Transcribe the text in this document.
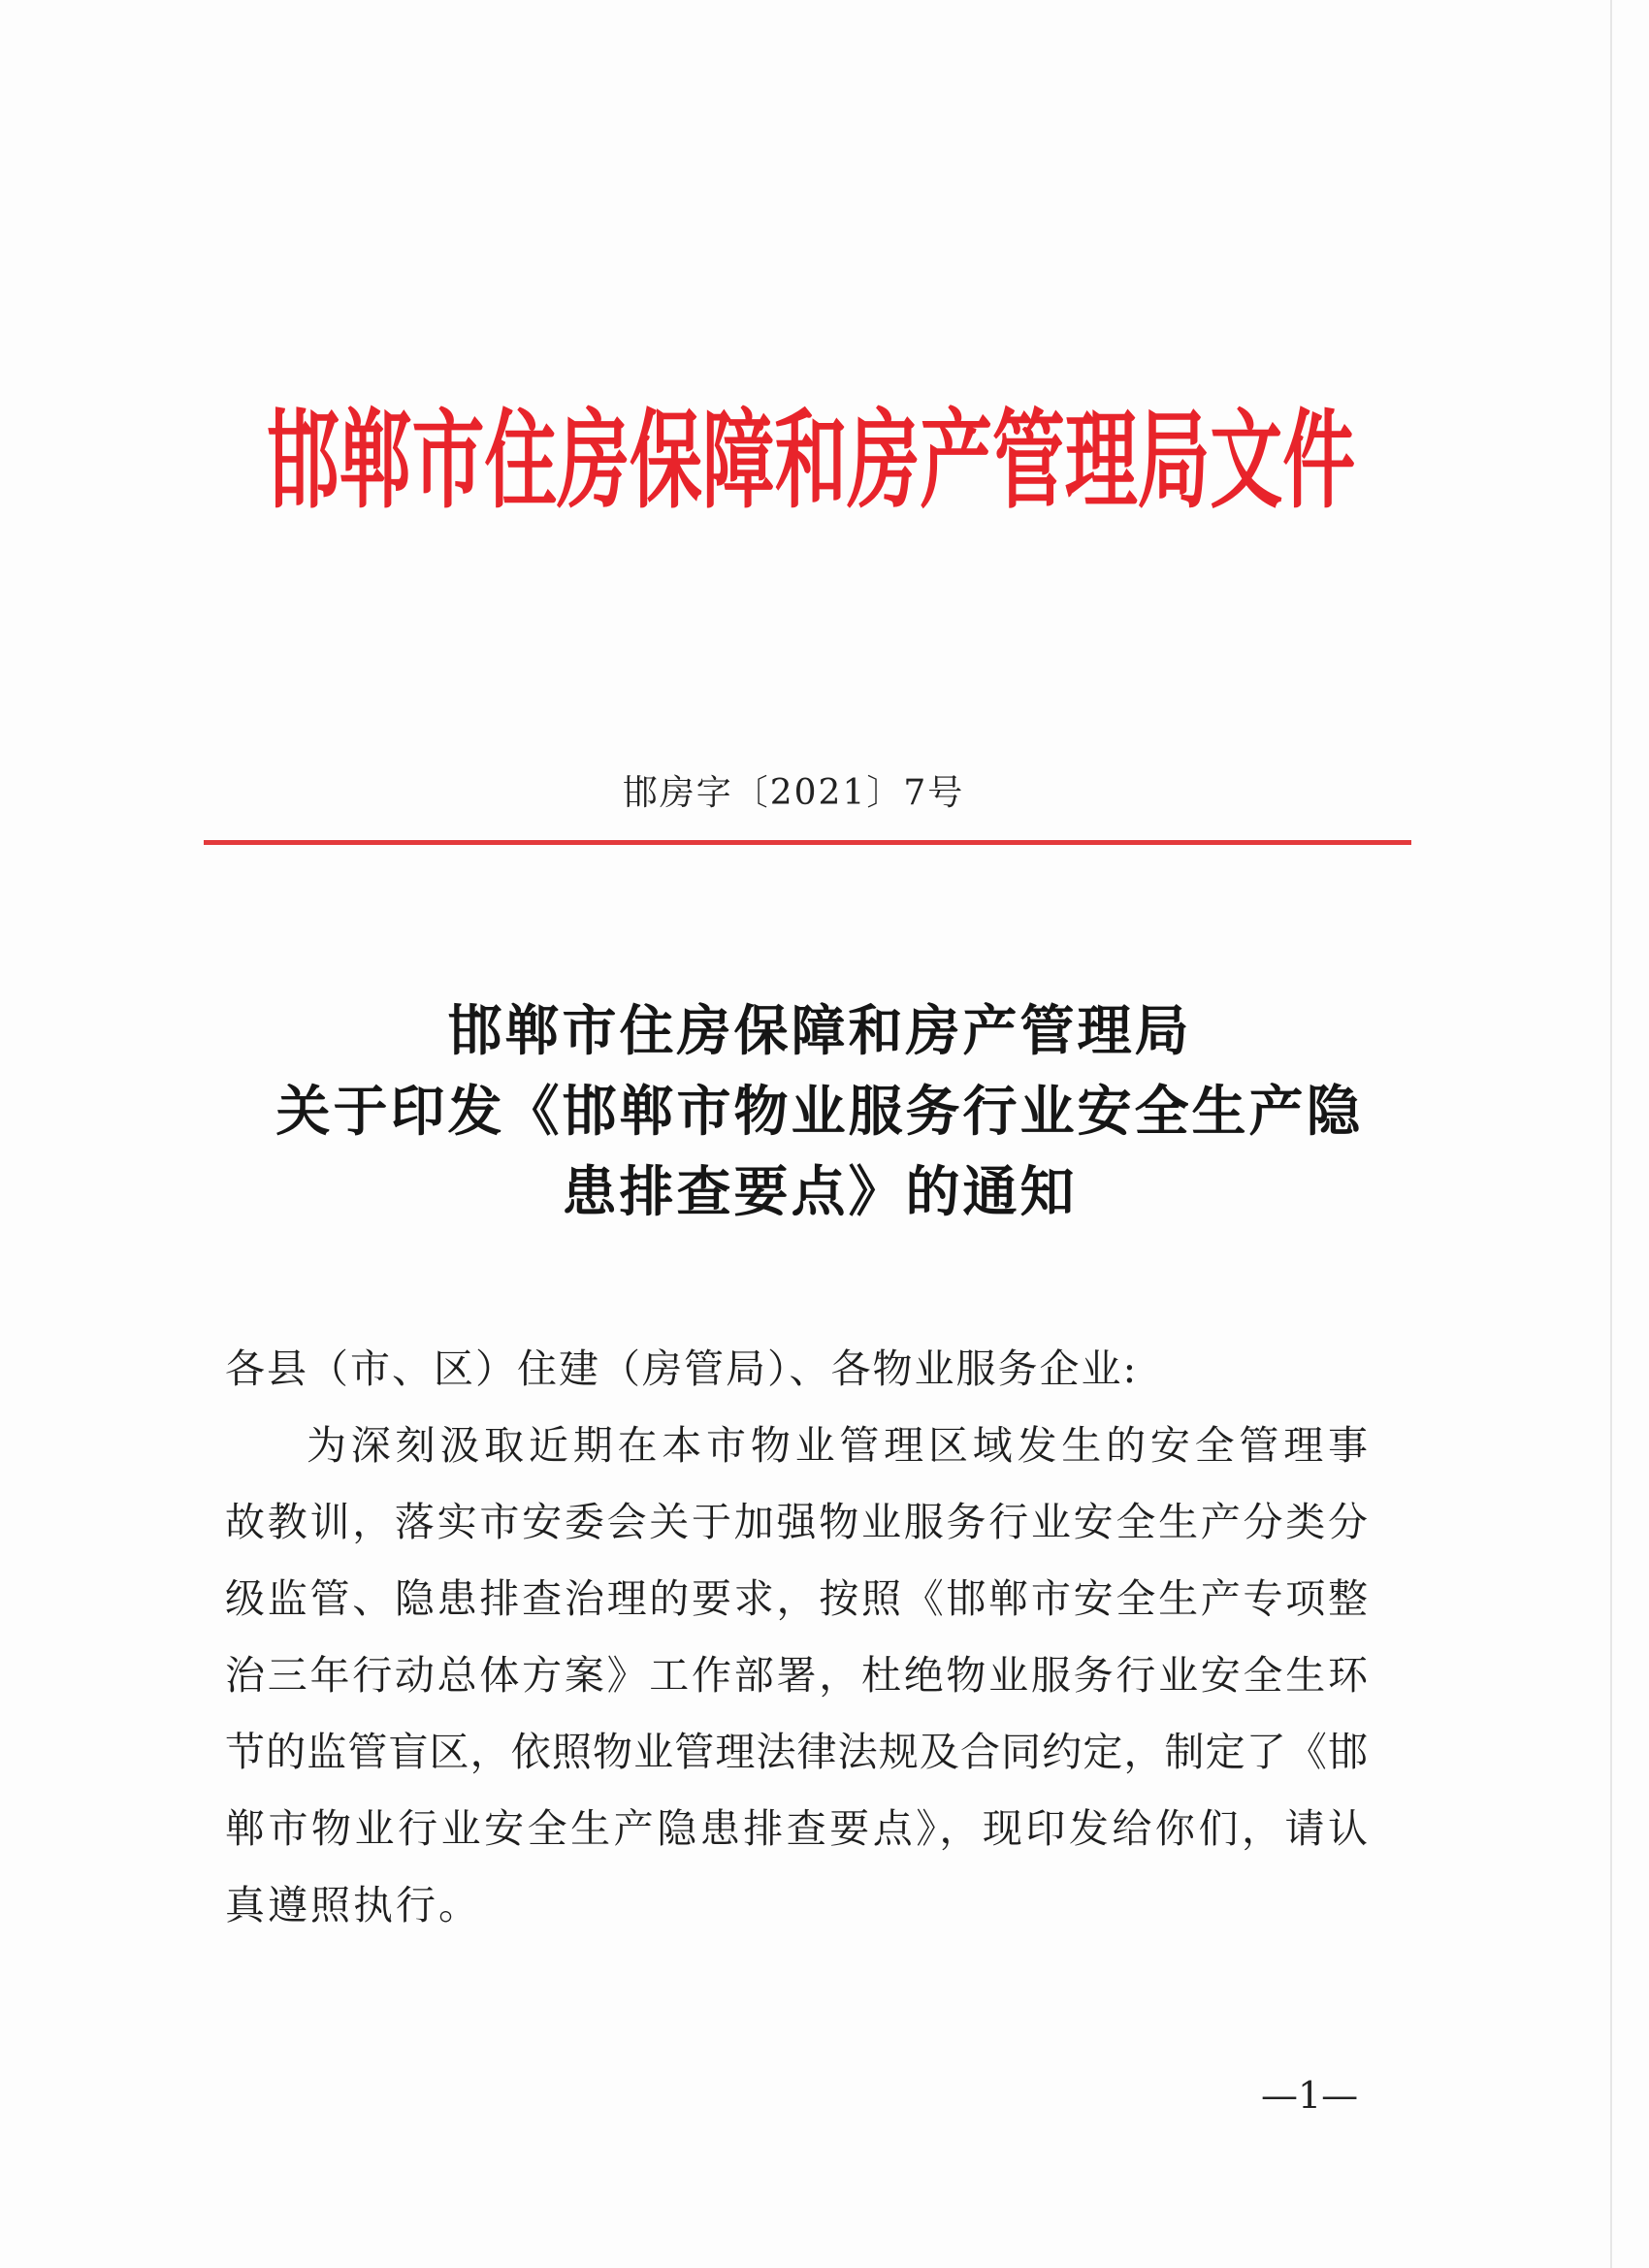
邯郸市住房保障和房产管理局文件
邯房字〔2021〕7号
邯郸市住房保障和房产管理局
关于印发《邯郸市物业服务行业安全生产隐
患排查要点》的通知
各县（市、区）住建（房管局）、各物业服务企业:
为深刻汲取近期在本市物业管理区域发生的安全管理事
故教训，落实市安委会关于加强物业服务行业安全生产分类分
级监管、隐患排查治理的要求，按照《邯郸市安全生产专项整
治三年行动总体方案》工作部署，杜绝物业服务行业安全生环
节的监管盲区，依照物业管理法律法规及合同约定，制定了《邯
郸市物业行业安全生产隐患排查要点》，现印发给你们，请认
真遵照执行。
—1—
